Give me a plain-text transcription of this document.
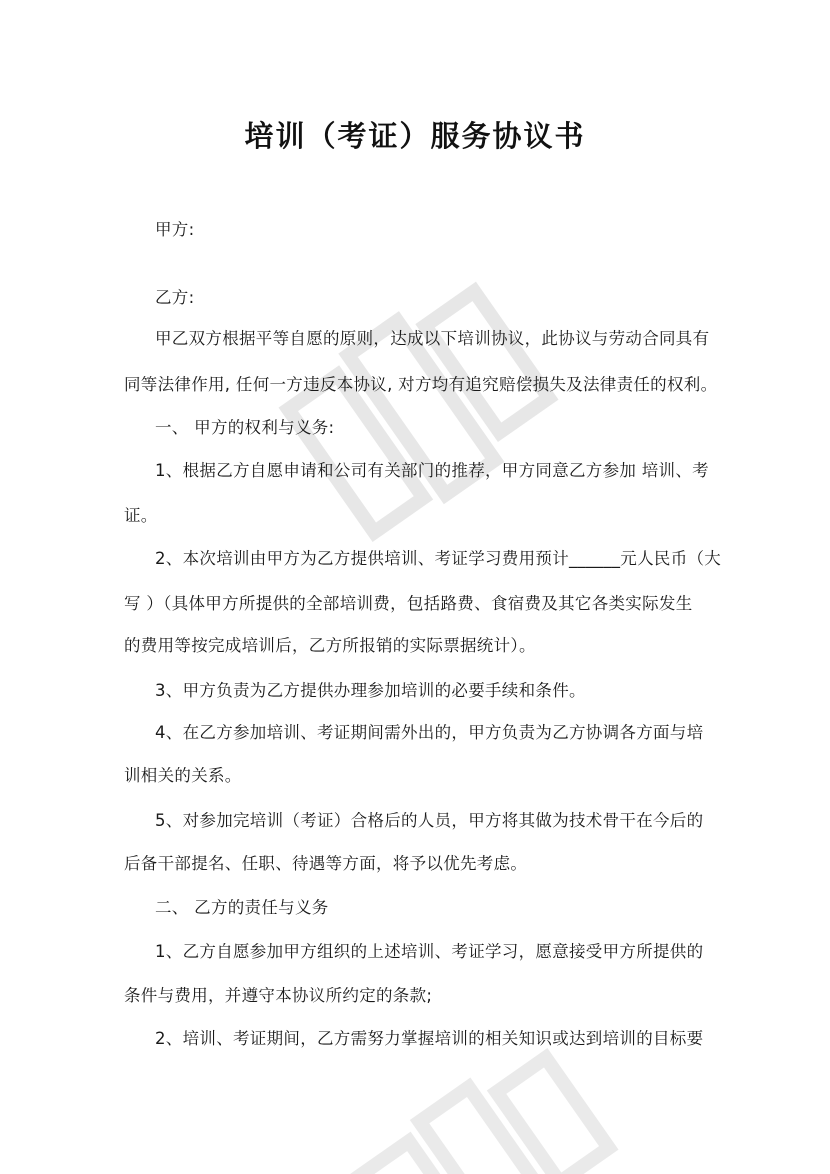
培训（考证）服务协议书
甲方:
乙方:
甲乙双方根据平等自愿的原则，达成以下培训协议，此协议与劳动合同具有
同等法律作用, 任何一方违反本协议, 对方均有追究赔偿损失及法律责任的权利。
一、 甲方的权利与义务:
1、根据乙方自愿申请和公司有关部门的推荐，甲方同意乙方参加 培训、考
证。
2、本次培训由甲方为乙方提供培训、考证学习费用预计______元人民币（大
写 ）（具体甲方所提供的全部培训费，包括路费、食宿费及其它各类实际发生
的费用等按完成培训后，乙方所报销的实际票据统计）。
3、甲方负责为乙方提供办理参加培训的必要手续和条件。
4、在乙方参加培训、考证期间需外出的，甲方负责为乙方协调各方面与培
训相关的关系。
5、对参加完培训（考证）合格后的人员，甲方将其做为技术骨干在今后的
后备干部提名、任职、待遇等方面，将予以优先考虑。
二、 乙方的责任与义务
1、乙方自愿参加甲方组织的上述培训、考证学习，愿意接受甲方所提供的
条件与费用，并遵守本协议所约定的条款;
2、培训、考证期间，乙方需努力掌握培训的相关知识或达到培训的目标要
